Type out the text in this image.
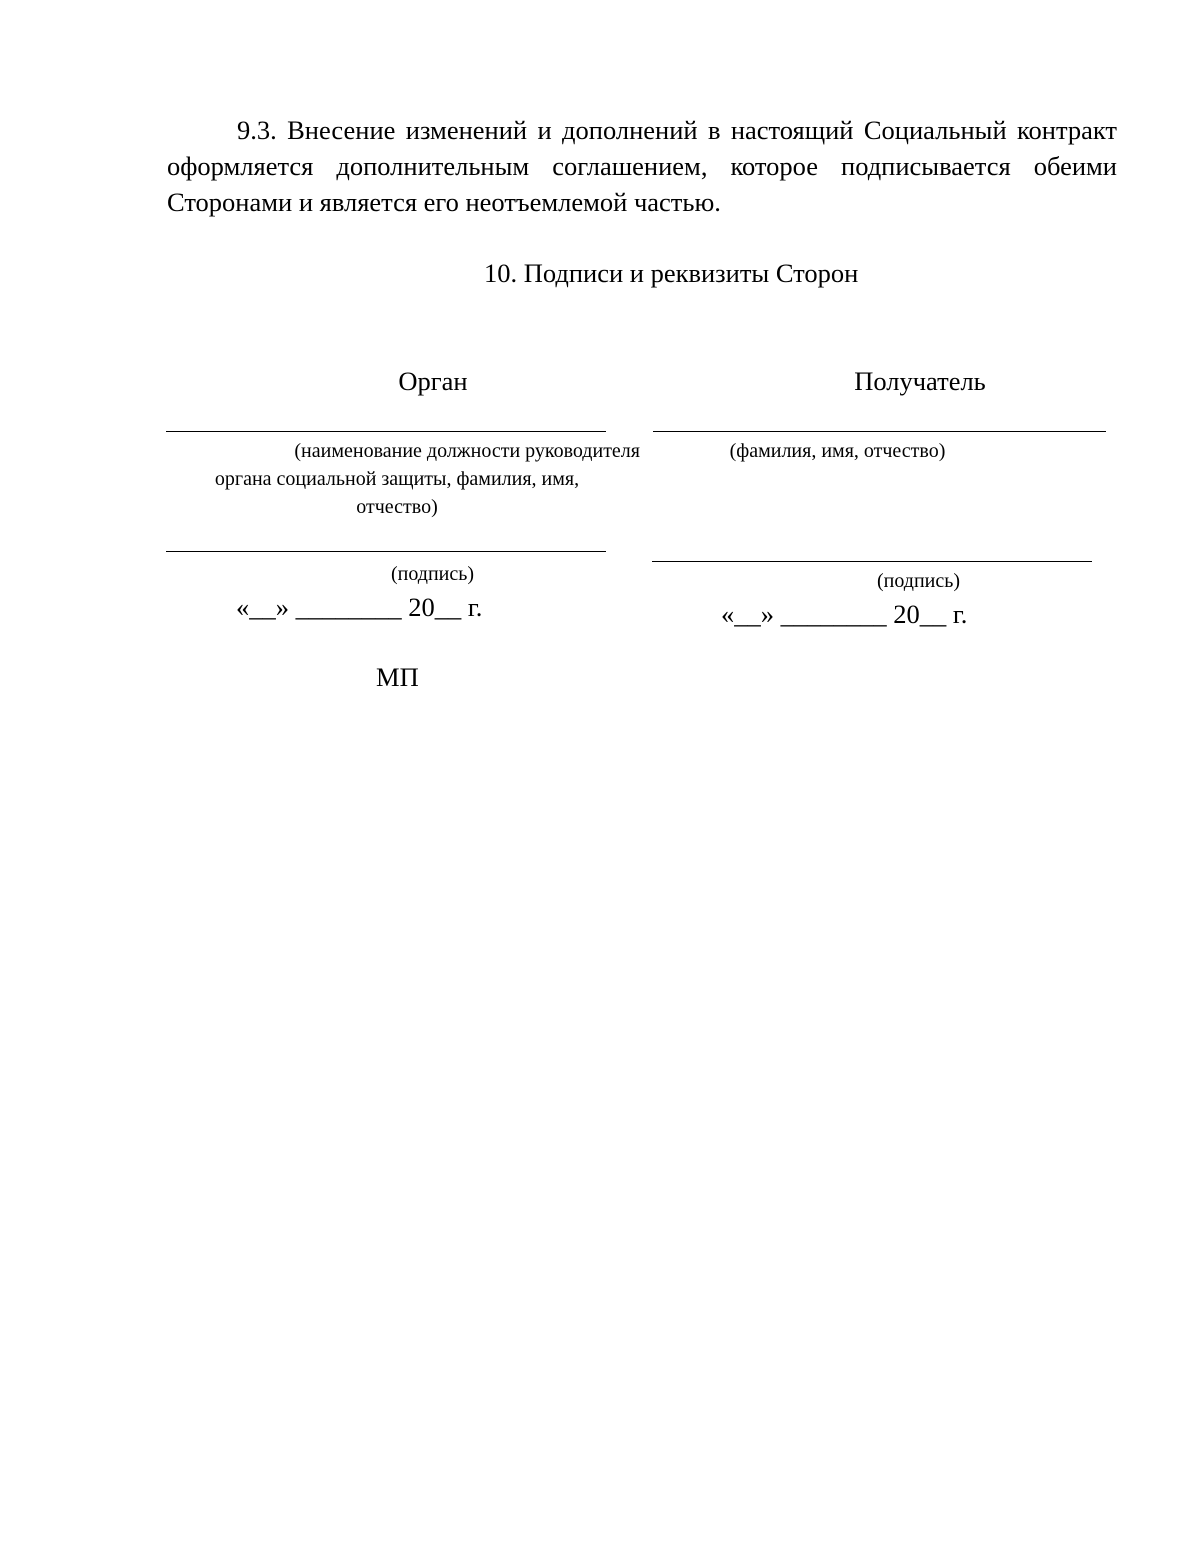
9.3. Внесение изменений и дополнений в настоящий Социальный контракт оформляется дополнительным соглашением, которое подписывается обеими Сторонами и является его неотъемлемой частью.

10. Подписи и реквизиты Сторон
Орган
(наименование должности руководителя
органа социальной защиты, фамилия, имя,
отчество)
(подпись)
«__» ________ 20__ г.
МП
Получатель
(фамилия, имя, отчество)
(подпись)
«__» ________ 20__ г.
